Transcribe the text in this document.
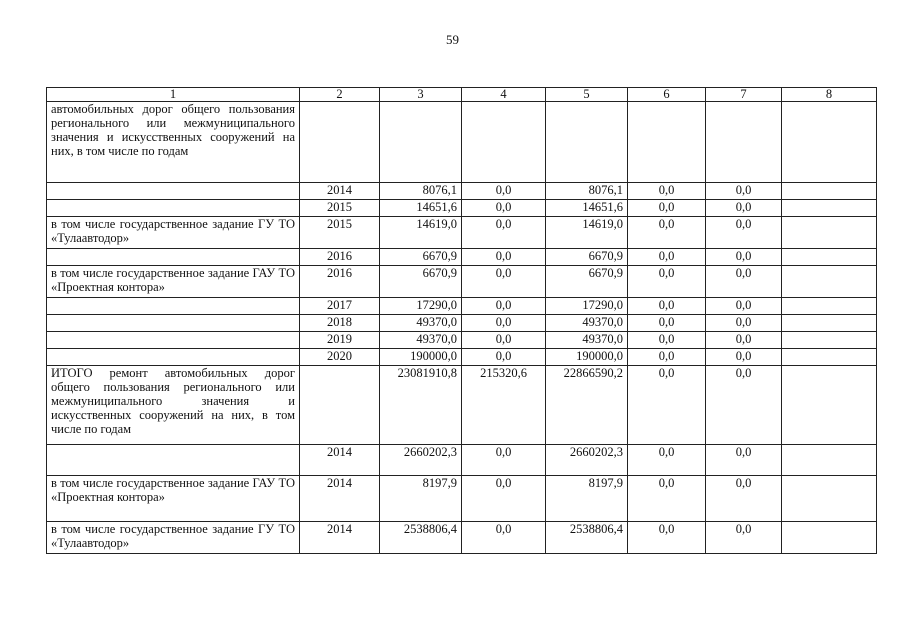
59
1	2	3	4	5	6	7	8
автомобильных дорог общего пользования регионального или межмуниципального значения и искусственных сооружений на них, в том числе по годам							
	2014	8076,1	0,0	8076,1	0,0	0,0	
	2015	14651,6	0,0	14651,6	0,0	0,0	
в том числе государственное задание ГУ ТО «Тулаавтодор»	2015	14619,0	0,0	14619,0	0,0	0,0	
	2016	6670,9	0,0	6670,9	0,0	0,0	
в том числе государственное задание ГАУ ТО «Проектная контора»	2016	6670,9	0,0	6670,9	0,0	0,0	
	2017	17290,0	0,0	17290,0	0,0	0,0	
	2018	49370,0	0,0	49370,0	0,0	0,0	
	2019	49370,0	0,0	49370,0	0,0	0,0	
	2020	190000,0	0,0	190000,0	0,0	0,0	
ИТОГО ремонт автомобильных дорог общего пользования регионального или межмуниципального значения и искусственных сооружений на них, в том числе по годам		23081910,8	215320,6	22866590,2	0,0	0,0	
	2014	2660202,3	0,0	2660202,3	0,0	0,0	
в том числе государственное задание ГАУ ТО «Проектная контора»	2014	8197,9	0,0	8197,9	0,0	0,0	
в том числе государственное задание ГУ ТО «Тулаавтодор»	2014	2538806,4	0,0	2538806,4	0,0	0,0	
